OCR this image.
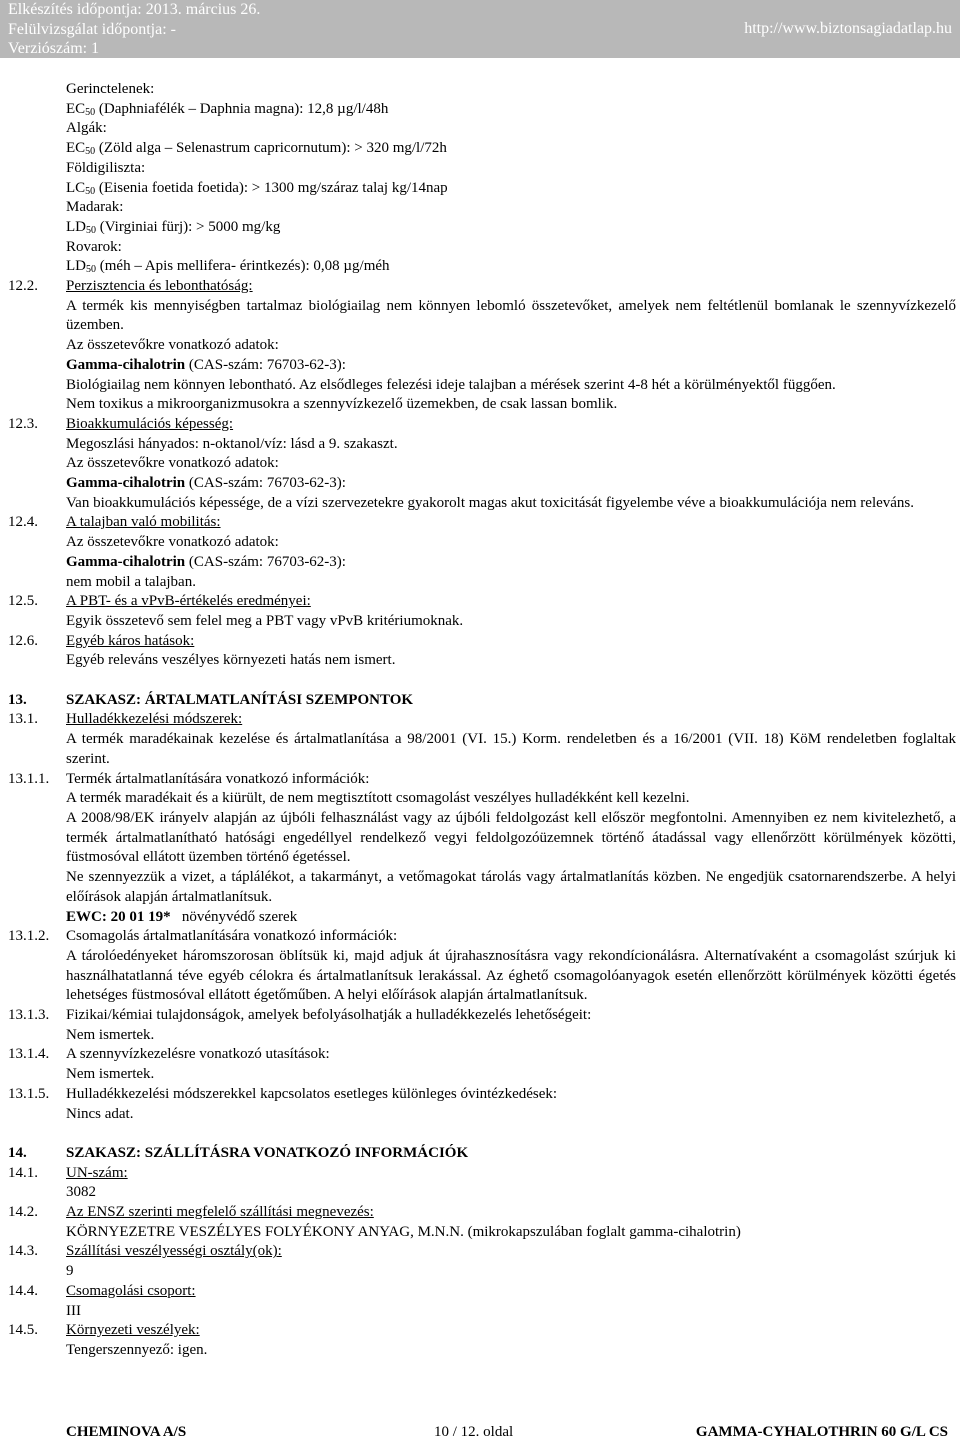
Elkészítés időpontja: 2013. március 26.
Felülvizsgálat időpontja: -
Verziószám: 1
http://www.biztonsagiadatlap.hu
Gerinctelenek:
$EC_{50}$ (Daphniafélék – Daphnia magna): 12,8 µg/l/48h
Algák:
$EC_{50}$ (Zöld alga – Selenastrum capricornutum): > 320 mg/l/72h
Földigiliszta:
$LC_{50}$ (Eisenia foetida foetida): > 1300 mg/száraz talaj kg/14nap
Madarak:
$LD_{50}$ (Virginiai fürj): > 5000 mg/kg
Rovarok:
$LD_{50}$ (méh – Apis mellifera- érintkezés): 0,08 µg/méh
12.2.	Perzisztencia és lebonthatóság:
A termék kis mennyiségben tartalmaz biológiailag nem könnyen lebomló összetevőket, amelyek nem feltétlenül bomlanak le szennyvízkezelő üzemben.
Az összetevőkre vonatkozó adatok:
Gamma-cihalotrin (CAS-szám: 76703-62-3):
Biológiailag nem könnyen lebontható. Az elsődleges felezési ideje talajban a mérések szerint 4-8 hét a körülményektől függően.
Nem toxikus a mikroorganizmusokra a szennyvízkezelő üzemekben, de csak lassan bomlik.
12.3.	Bioakkumulációs képesség:
Megoszlási hányados: n-oktanol/víz: lásd a 9. szakaszt.
Az összetevőkre vonatkozó adatok:
Gamma-cihalotrin (CAS-szám: 76703-62-3):
Van bioakkumulációs képessége, de a vízi szervezetekre gyakorolt magas akut toxicitását figyelembe véve a bioakkumulációja nem releváns.
12.4.	A talajban való mobilitás:
Az összetevőkre vonatkozó adatok:
Gamma-cihalotrin (CAS-szám: 76703-62-3):
nem mobil a talajban.
12.5.	A PBT- és a vPvB-értékelés eredményei:
Egyik összetevő sem felel meg a PBT vagy vPvB kritériumoknak.
12.6.	Egyéb káros hatások:
Egyéb releváns veszélyes környezeti hatás nem ismert.
13.	SZAKASZ: ÁRTALMATLANÍTÁSI SZEMPONTOK
13.1.	Hulladékkezelési módszerek:
A termék maradékainak kezelése és ártalmatlanítása a 98/2001 (VI. 15.) Korm. rendeletben és a 16/2001 (VII. 18) KöM rendeletben foglaltak szerint.
13.1.1.	Termék ártalmatlanítására vonatkozó információk:
A termék maradékait és a kiürült, de nem megtisztított csomagolást veszélyes hulladékként kell kezelni.
A 2008/98/EK irányelv alapján az újbóli felhasználást vagy az újbóli feldolgozást kell először megfontolni. Amennyiben ez nem kivitelezhető, a termék ártalmatlanítható hatósági engedéllyel rendelkező vegyi feldolgozóüzemnek történő átadással vagy ellenőrzött körülmények közötti, füstmosóval ellátott üzemben történő égetéssel.
Ne szennyezzük a vizet, a táplálékot, a takarmányt, a vetőmagokat tárolás vagy ártalmatlanítás közben. Ne engedjük csatornarendszerbe. A helyi előírások alapján ártalmatlanítsuk.
EWC: 20 01 19* növényvédő szerek
13.1.2.	Csomagolás ártalmatlanítására vonatkozó információk:
A tárolóedényeket háromszorosan öblítsük ki, majd adjuk át újrahasznosításra vagy rekondícionálásra. Alternatívaként a csomagolást szúrjuk ki használhatatlanná téve egyéb célokra és ártalmatlanítsuk lerakással. Az éghető csomagolóanyagok esetén ellenőrzött körülmények közötti égetés lehetséges füstmosóval ellátott égetőműben. A helyi előírások alapján ártalmatlanítsuk.
13.1.3.	Fizikai/kémiai tulajdonságok, amelyek befolyásolhatják a hulladékkezelés lehetőségeit:
Nem ismertek.
13.1.4.	A szennyvízkezelésre vonatkozó utasítások:
Nem ismertek.
13.1.5.	Hulladékkezelési módszerekkel kapcsolatos esetleges különleges óvintézkedések:
Nincs adat.
14.	SZAKASZ: SZÁLLÍTÁSRA VONATKOZÓ INFORMÁCIÓK
14.1.	UN-szám:
3082
14.2.	Az ENSZ szerinti megfelelő szállítási megnevezés:
KÖRNYEZETRE VESZÉLYES FOLYÉKONY ANYAG, M.N.N. (mikrokapszulában foglalt gamma-cihalotrin)
14.3.	Szállítási veszélyességi osztály(ok):
9
14.4.	Csomagolási csoport:
III
14.5.	Környezeti veszélyek:
Tengerszennyező: igen.
CHEMINOVA A/S	10 / 12. oldal	GAMMA-CYHALOTHRIN 60 G/L CS
